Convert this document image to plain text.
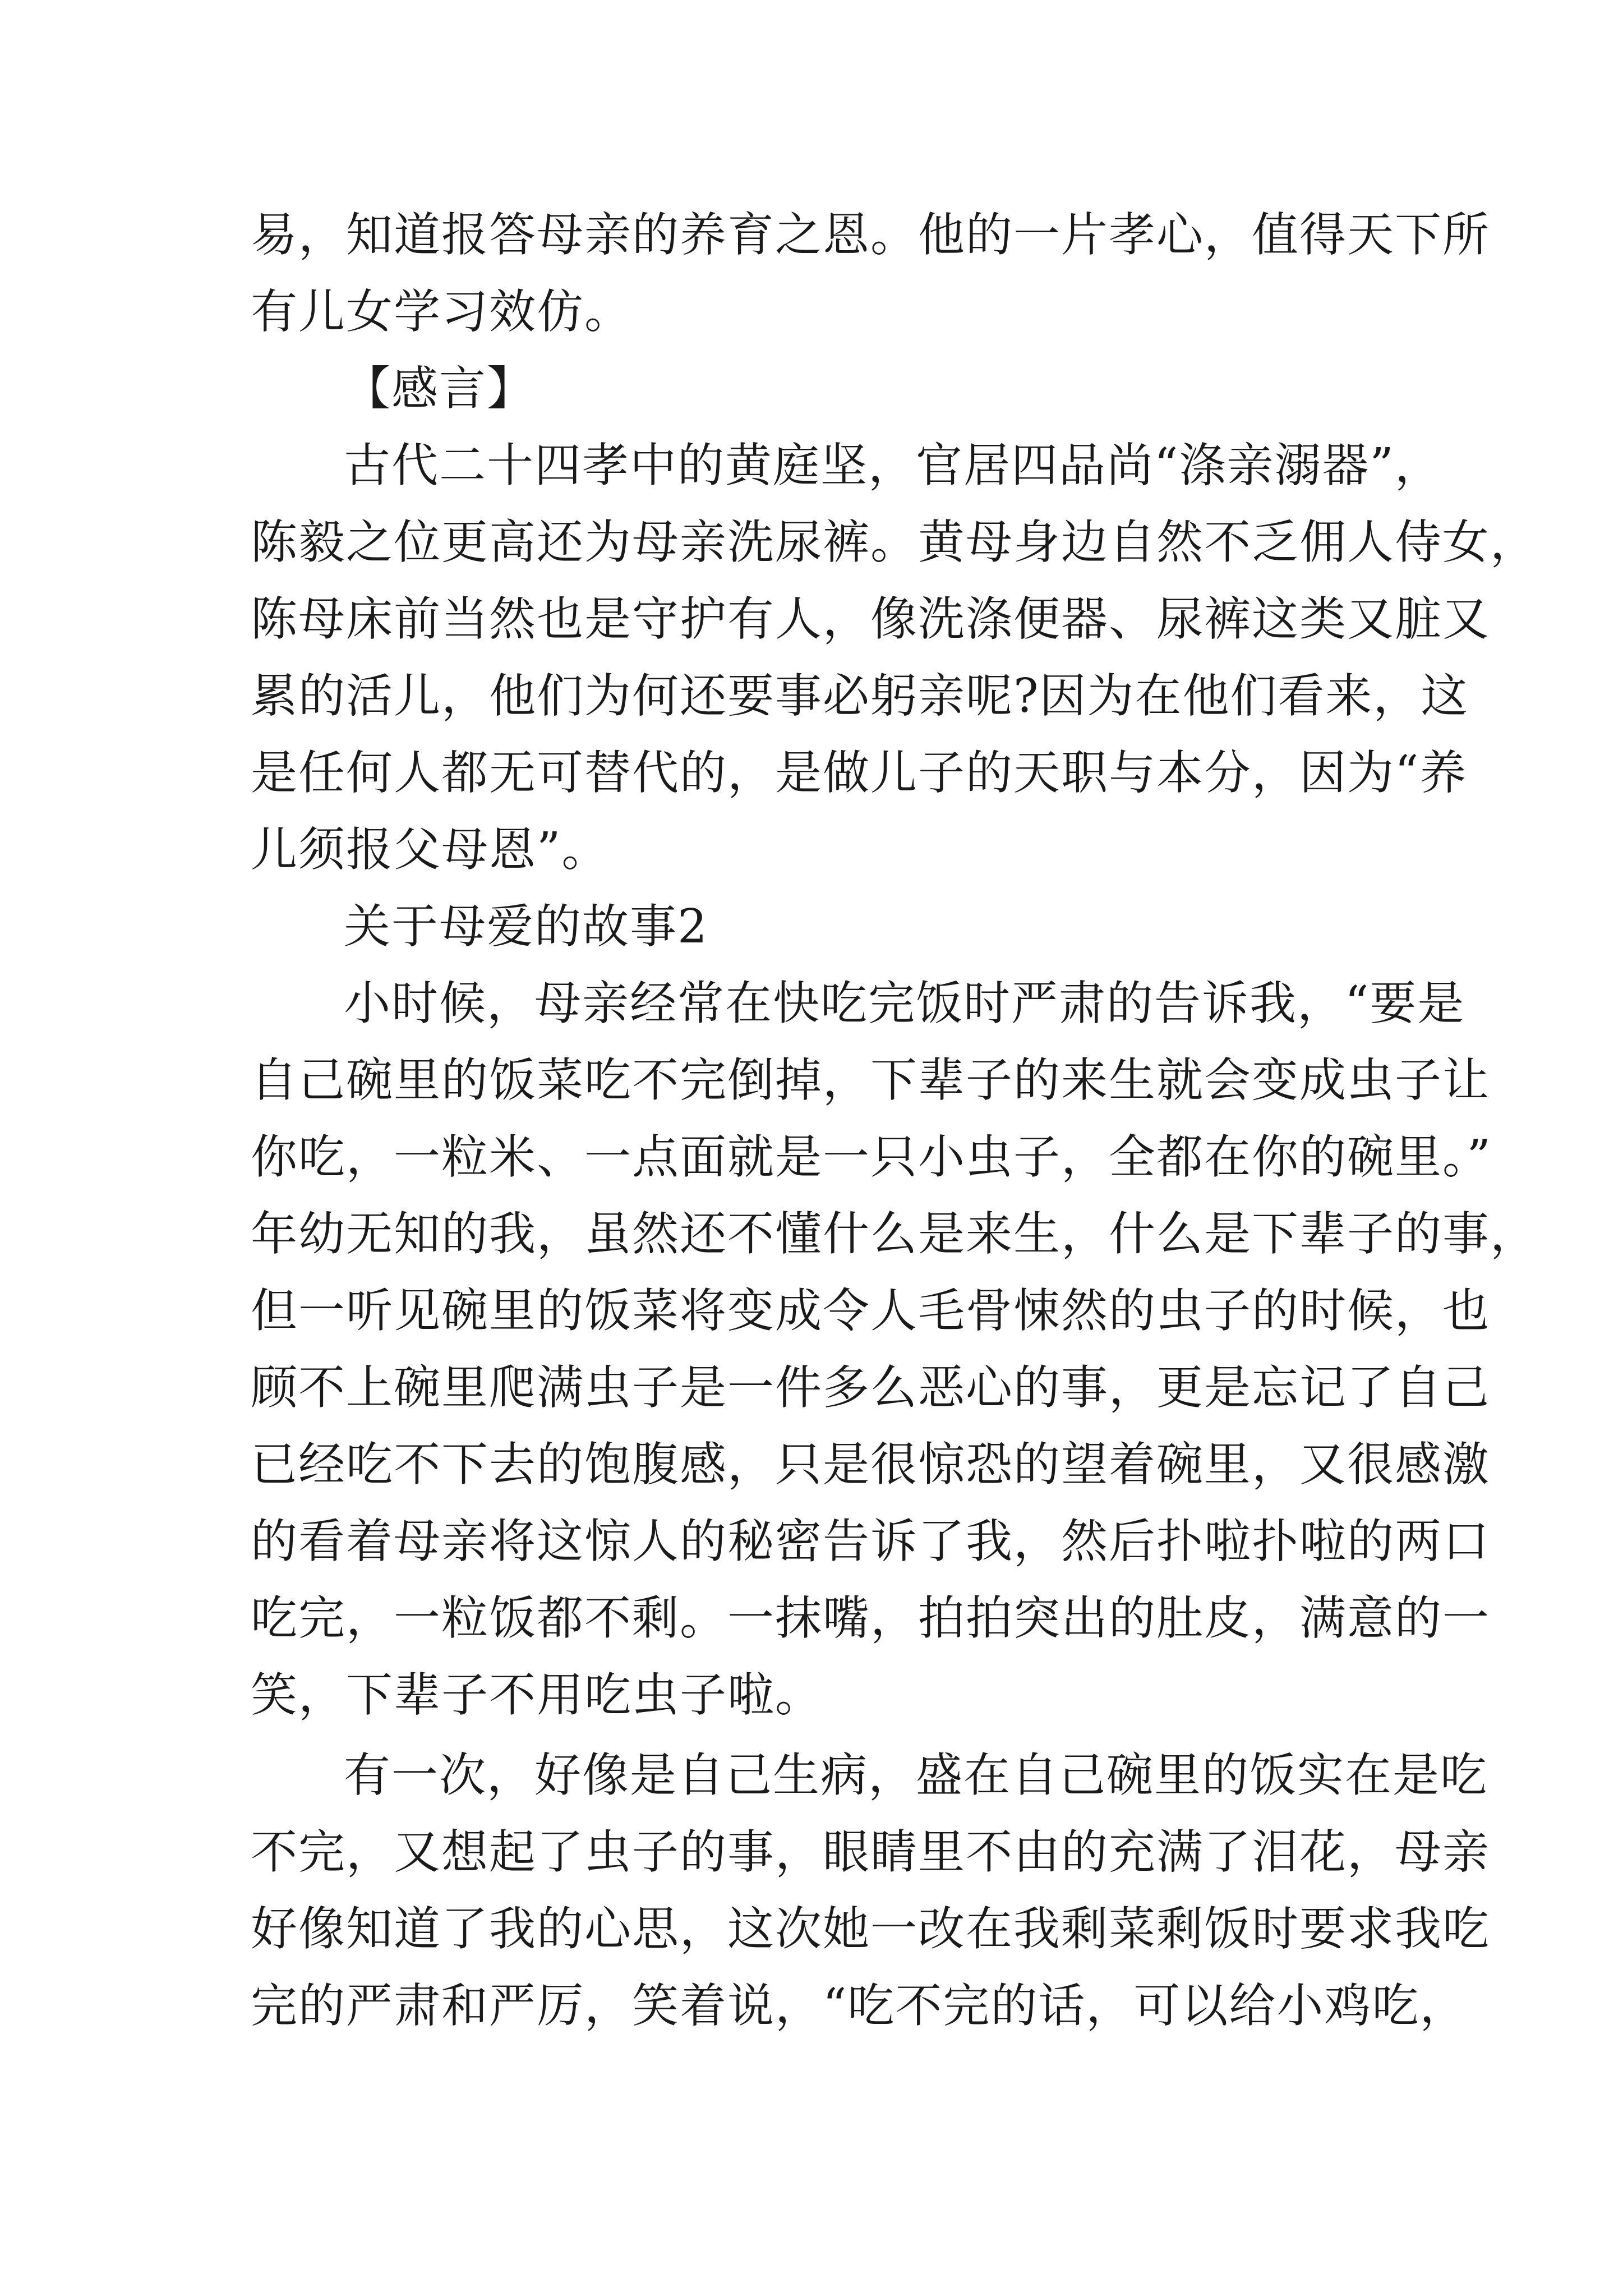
易，知道报答母亲的养育之恩。他的一片孝心，值得天下所
有儿女学习效仿。
【感言】
古代二十四孝中的黄庭坚，官居四品尚“涤亲溺器”，
陈毅之位更高还为母亲洗尿裤。黄母身边自然不乏佣人侍女，
陈母床前当然也是守护有人，像洗涤便器、尿裤这类又脏又
累的活儿，他们为何还要事必躬亲呢?因为在他们看来，这
是任何人都无可替代的，是做儿子的天职与本分，因为“养
儿须报父母恩”。
关于母爱的故事2
小时候，母亲经常在快吃完饭时严肃的告诉我，“要是
自己碗里的饭菜吃不完倒掉，下辈子的来生就会变成虫子让
你吃，一粒米、一点面就是一只小虫子，全都在你的碗里。”
年幼无知的我，虽然还不懂什么是来生，什么是下辈子的事，
但一听见碗里的饭菜将变成令人毛骨悚然的虫子的时候，也
顾不上碗里爬满虫子是一件多么恶心的事，更是忘记了自己
已经吃不下去的饱腹感，只是很惊恐的望着碗里，又很感激
的看着母亲将这惊人的秘密告诉了我，然后扑啦扑啦的两口
吃完，一粒饭都不剩。一抹嘴，拍拍突出的肚皮，满意的一
笑，下辈子不用吃虫子啦。
有一次，好像是自己生病，盛在自己碗里的饭实在是吃
不完，又想起了虫子的事，眼睛里不由的充满了泪花，母亲
好像知道了我的心思，这次她一改在我剩菜剩饭时要求我吃
完的严肃和严厉，笑着说，“吃不完的话，可以给小鸡吃，
